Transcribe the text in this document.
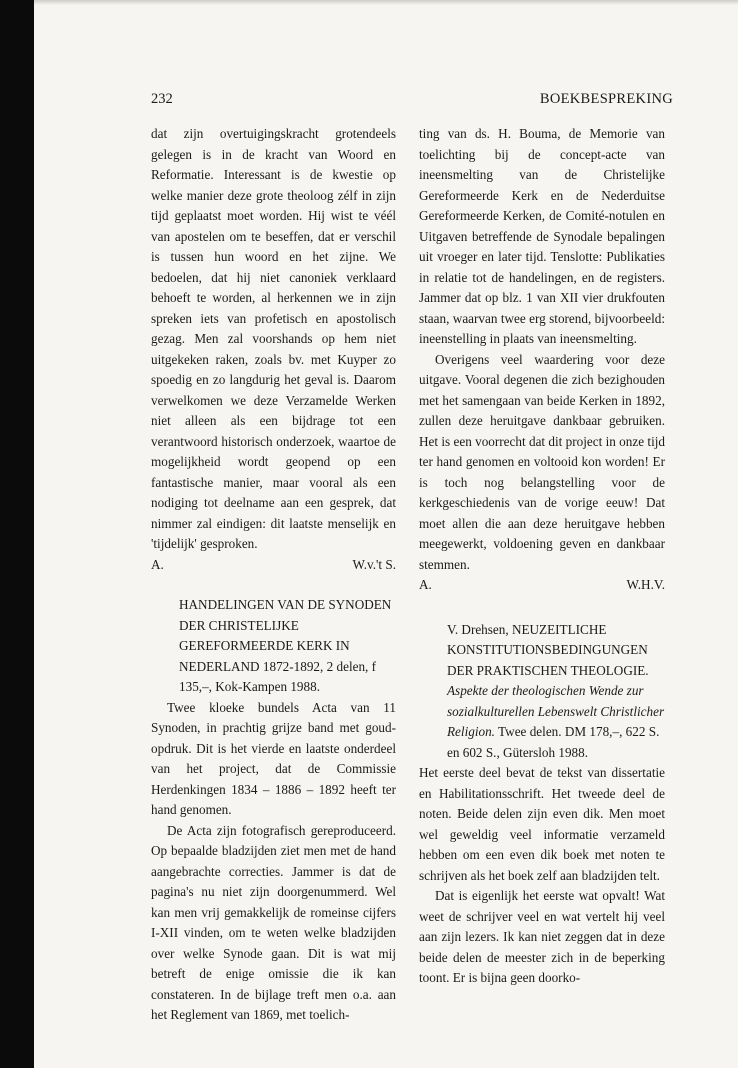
232	BOEKBESPREKING

dat zijn overtuigingskracht grotendeels gelegen is in de kracht van Woord en Reformatie. Interessant is de kwestie op welke manier deze grote theoloog zélf in zijn tijd geplaatst moet worden. Hij wist te véél van apostelen om te beseffen, dat er verschil is tussen hun woord en het zijne. We bedoelen, dat hij niet canoniek verklaard behoeft te worden, al herkennen we in zijn spreken iets van profetisch en apostolisch gezag. Men zal voorshands op hem niet uitgekeken raken, zoals bv. met Kuyper zo spoedig en zo langdurig het geval is. Daarom verwelkomen we deze Verzamelde Werken niet alleen als een bijdrage tot een verantwoord historisch onderzoek, waartoe de mogelijkheid wordt geopend op een fantastische manier, maar vooral als een nodiging tot deelname aan een gesprek, dat nimmer zal eindigen: dit laatste menselijk en 'tijdelijk' gesproken.

A.	W.v.'t S.

HANDELINGEN VAN DE SYNODEN DER CHRISTELIJKE GEREFORMEERDE KERK IN NEDERLAND 1872-1892, 2 delen, f 135,–, Kok-Kampen 1988.

Twee kloeke bundels Acta van 11 Synoden, in prachtig grijze band met goud-opdruk. Dit is het vierde en laatste onderdeel van het project, dat de Commissie Herdenkingen 1834 – 1886 – 1892 heeft ter hand genomen.

De Acta zijn fotografisch gereproduceerd. Op bepaalde bladzijden ziet men met de hand aangebrachte correcties. Jammer is dat de pagina's nu niet zijn doorgenummerd. Wel kan men vrij gemakkelijk de romeinse cijfers I-XII vinden, om te weten welke bladzijden over welke Synode gaan. Dit is wat mij betreft de enige omissie die ik kan constateren. In de bijlage treft men o.a. aan het Reglement van 1869, met toelich-

ting van ds. H. Bouma, de Memorie van toelichting bij de concept-acte van ineensmelting van de Christelijke Gereformeerde Kerk en de Nederduitse Gereformeerde Kerken, de Comité-notulen en Uitgaven betreffende de Synodale bepalingen uit vroeger en later tijd. Tenslotte: Publikaties in relatie tot de handelingen, en de registers. Jammer dat op blz. 1 van XII vier drukfouten staan, waarvan twee erg storend, bijvoorbeeld: ineenstelling in plaats van ineensmelting.

Overigens veel waardering voor deze uitgave. Vooral degenen die zich bezighouden met het samengaan van beide Kerken in 1892, zullen deze heruitgave dankbaar gebruiken. Het is een voorrecht dat dit project in onze tijd ter hand genomen en voltooid kon worden! Er is toch nog belangstelling voor de kerkgeschiedenis van de vorige eeuw! Dat moet allen die aan deze heruitgave hebben meegewerkt, voldoening geven en dankbaar stemmen.

A.	W.H.V.

V. Drehsen, NEUZEITLICHE KONSTITUTIONSBEDINGUNGEN DER PRAKTISCHEN THEOLOGIE. Aspekte der theologischen Wende zur sozialkulturellen Lebenswelt Christlicher Religion. Twee delen. DM 178,–, 622 S. en 602 S., Gütersloh 1988.

Het eerste deel bevat de tekst van dissertatie en Habilitationsschrift. Het tweede deel de noten. Beide delen zijn even dik. Men moet wel geweldig veel informatie verzameld hebben om een even dik boek met noten te schrijven als het boek zelf aan bladzijden telt.

Dat is eigenlijk het eerste wat opvalt! Wat weet de schrijver veel en wat vertelt hij veel aan zijn lezers. Ik kan niet zeggen dat in deze beide delen de meester zich in de beperking toont. Er is bijna geen doorko-
